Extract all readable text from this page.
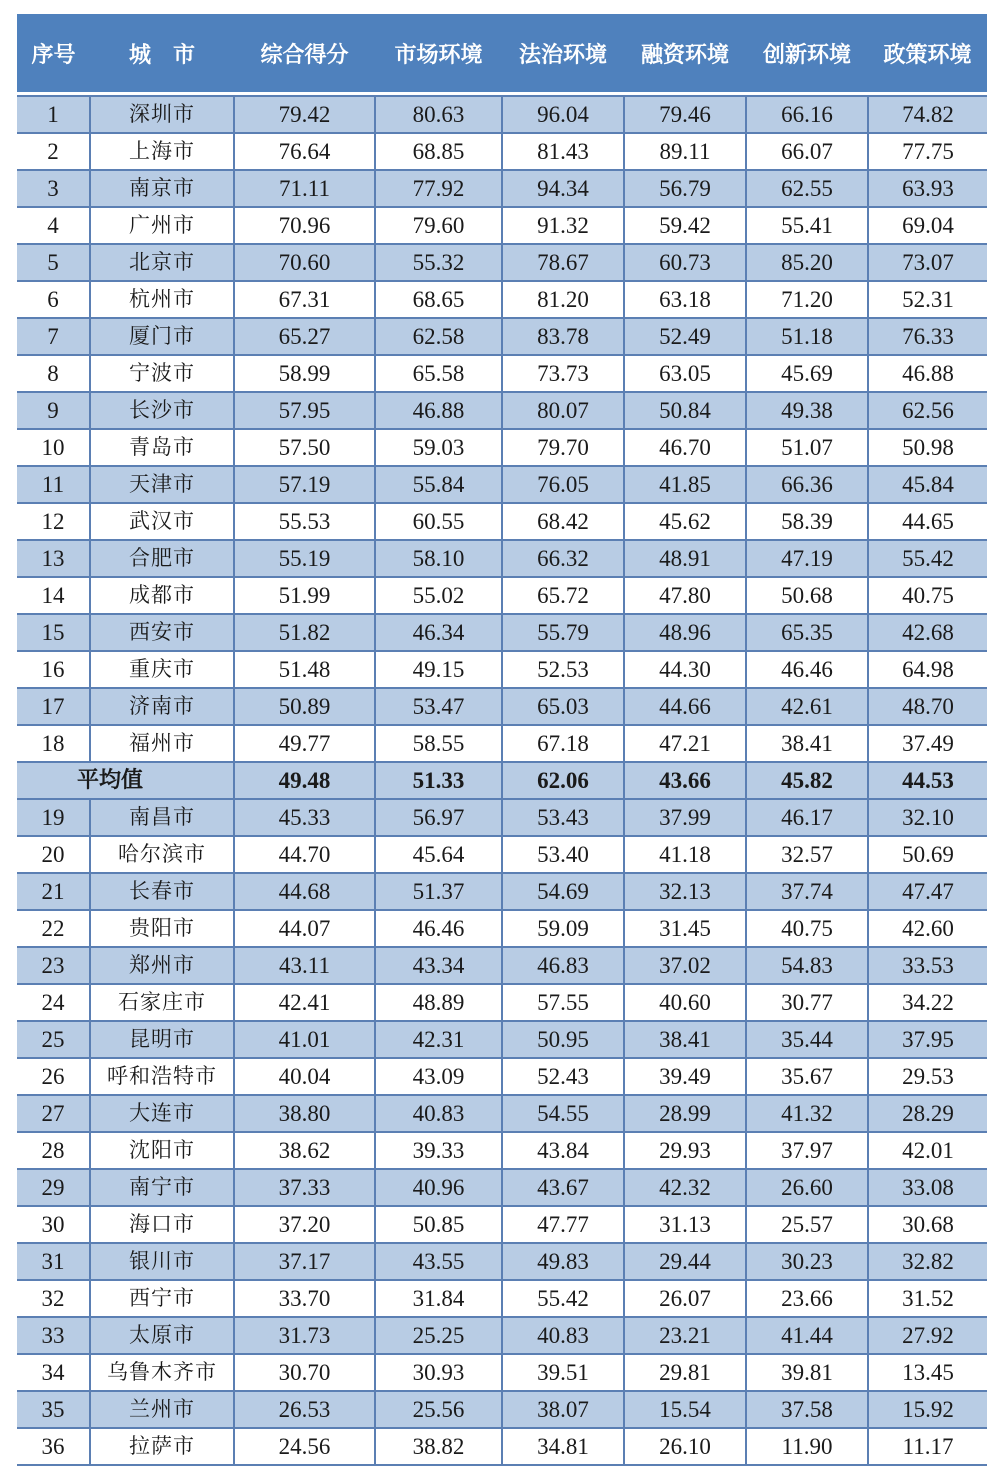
序号	城　市	综合得分	市场环境	法治环境	融资环境	创新环境	政策环境

1	深圳市	79.42	80.63	96.04	79.46	66.16	74.82
2	上海市	76.64	68.85	81.43	89.11	66.07	77.75
3	南京市	71.11	77.92	94.34	56.79	62.55	63.93
4	广州市	70.96	79.60	91.32	59.42	55.41	69.04
5	北京市	70.60	55.32	78.67	60.73	85.20	73.07
6	杭州市	67.31	68.65	81.20	63.18	71.20	52.31
7	厦门市	65.27	62.58	83.78	52.49	51.18	76.33
8	宁波市	58.99	65.58	73.73	63.05	45.69	46.88
9	长沙市	57.95	46.88	80.07	50.84	49.38	62.56
10	青岛市	57.50	59.03	79.70	46.70	51.07	50.98
11	天津市	57.19	55.84	76.05	41.85	66.36	45.84
12	武汉市	55.53	60.55	68.42	45.62	58.39	44.65
13	合肥市	55.19	58.10	66.32	48.91	47.19	55.42
14	成都市	51.99	55.02	65.72	47.80	50.68	40.75
15	西安市	51.82	46.34	55.79	48.96	65.35	42.68
16	重庆市	51.48	49.15	52.53	44.30	46.46	64.98
17	济南市	50.89	53.47	65.03	44.66	42.61	48.70
18	福州市	49.77	58.55	67.18	47.21	38.41	37.49
平均值		49.48	51.33	62.06	43.66	45.82	44.53
19	南昌市	45.33	56.97	53.43	37.99	46.17	32.10
20	哈尔滨市	44.70	45.64	53.40	41.18	32.57	50.69
21	长春市	44.68	51.37	54.69	32.13	37.74	47.47
22	贵阳市	44.07	46.46	59.09	31.45	40.75	42.60
23	郑州市	43.11	43.34	46.83	37.02	54.83	33.53
24	石家庄市	42.41	48.89	57.55	40.60	30.77	34.22
25	昆明市	41.01	42.31	50.95	38.41	35.44	37.95
26	呼和浩特市	40.04	43.09	52.43	39.49	35.67	29.53
27	大连市	38.80	40.83	54.55	28.99	41.32	28.29
28	沈阳市	38.62	39.33	43.84	29.93	37.97	42.01
29	南宁市	37.33	40.96	43.67	42.32	26.60	33.08
30	海口市	37.20	50.85	47.77	31.13	25.57	30.68
31	银川市	37.17	43.55	49.83	29.44	30.23	32.82
32	西宁市	33.70	31.84	55.42	26.07	23.66	31.52
33	太原市	31.73	25.25	40.83	23.21	41.44	27.92
34	乌鲁木齐市	30.70	30.93	39.51	29.81	39.81	13.45
35	兰州市	26.53	25.56	38.07	15.54	37.58	15.92
36	拉萨市	24.56	38.82	34.81	26.10	11.90	11.17
